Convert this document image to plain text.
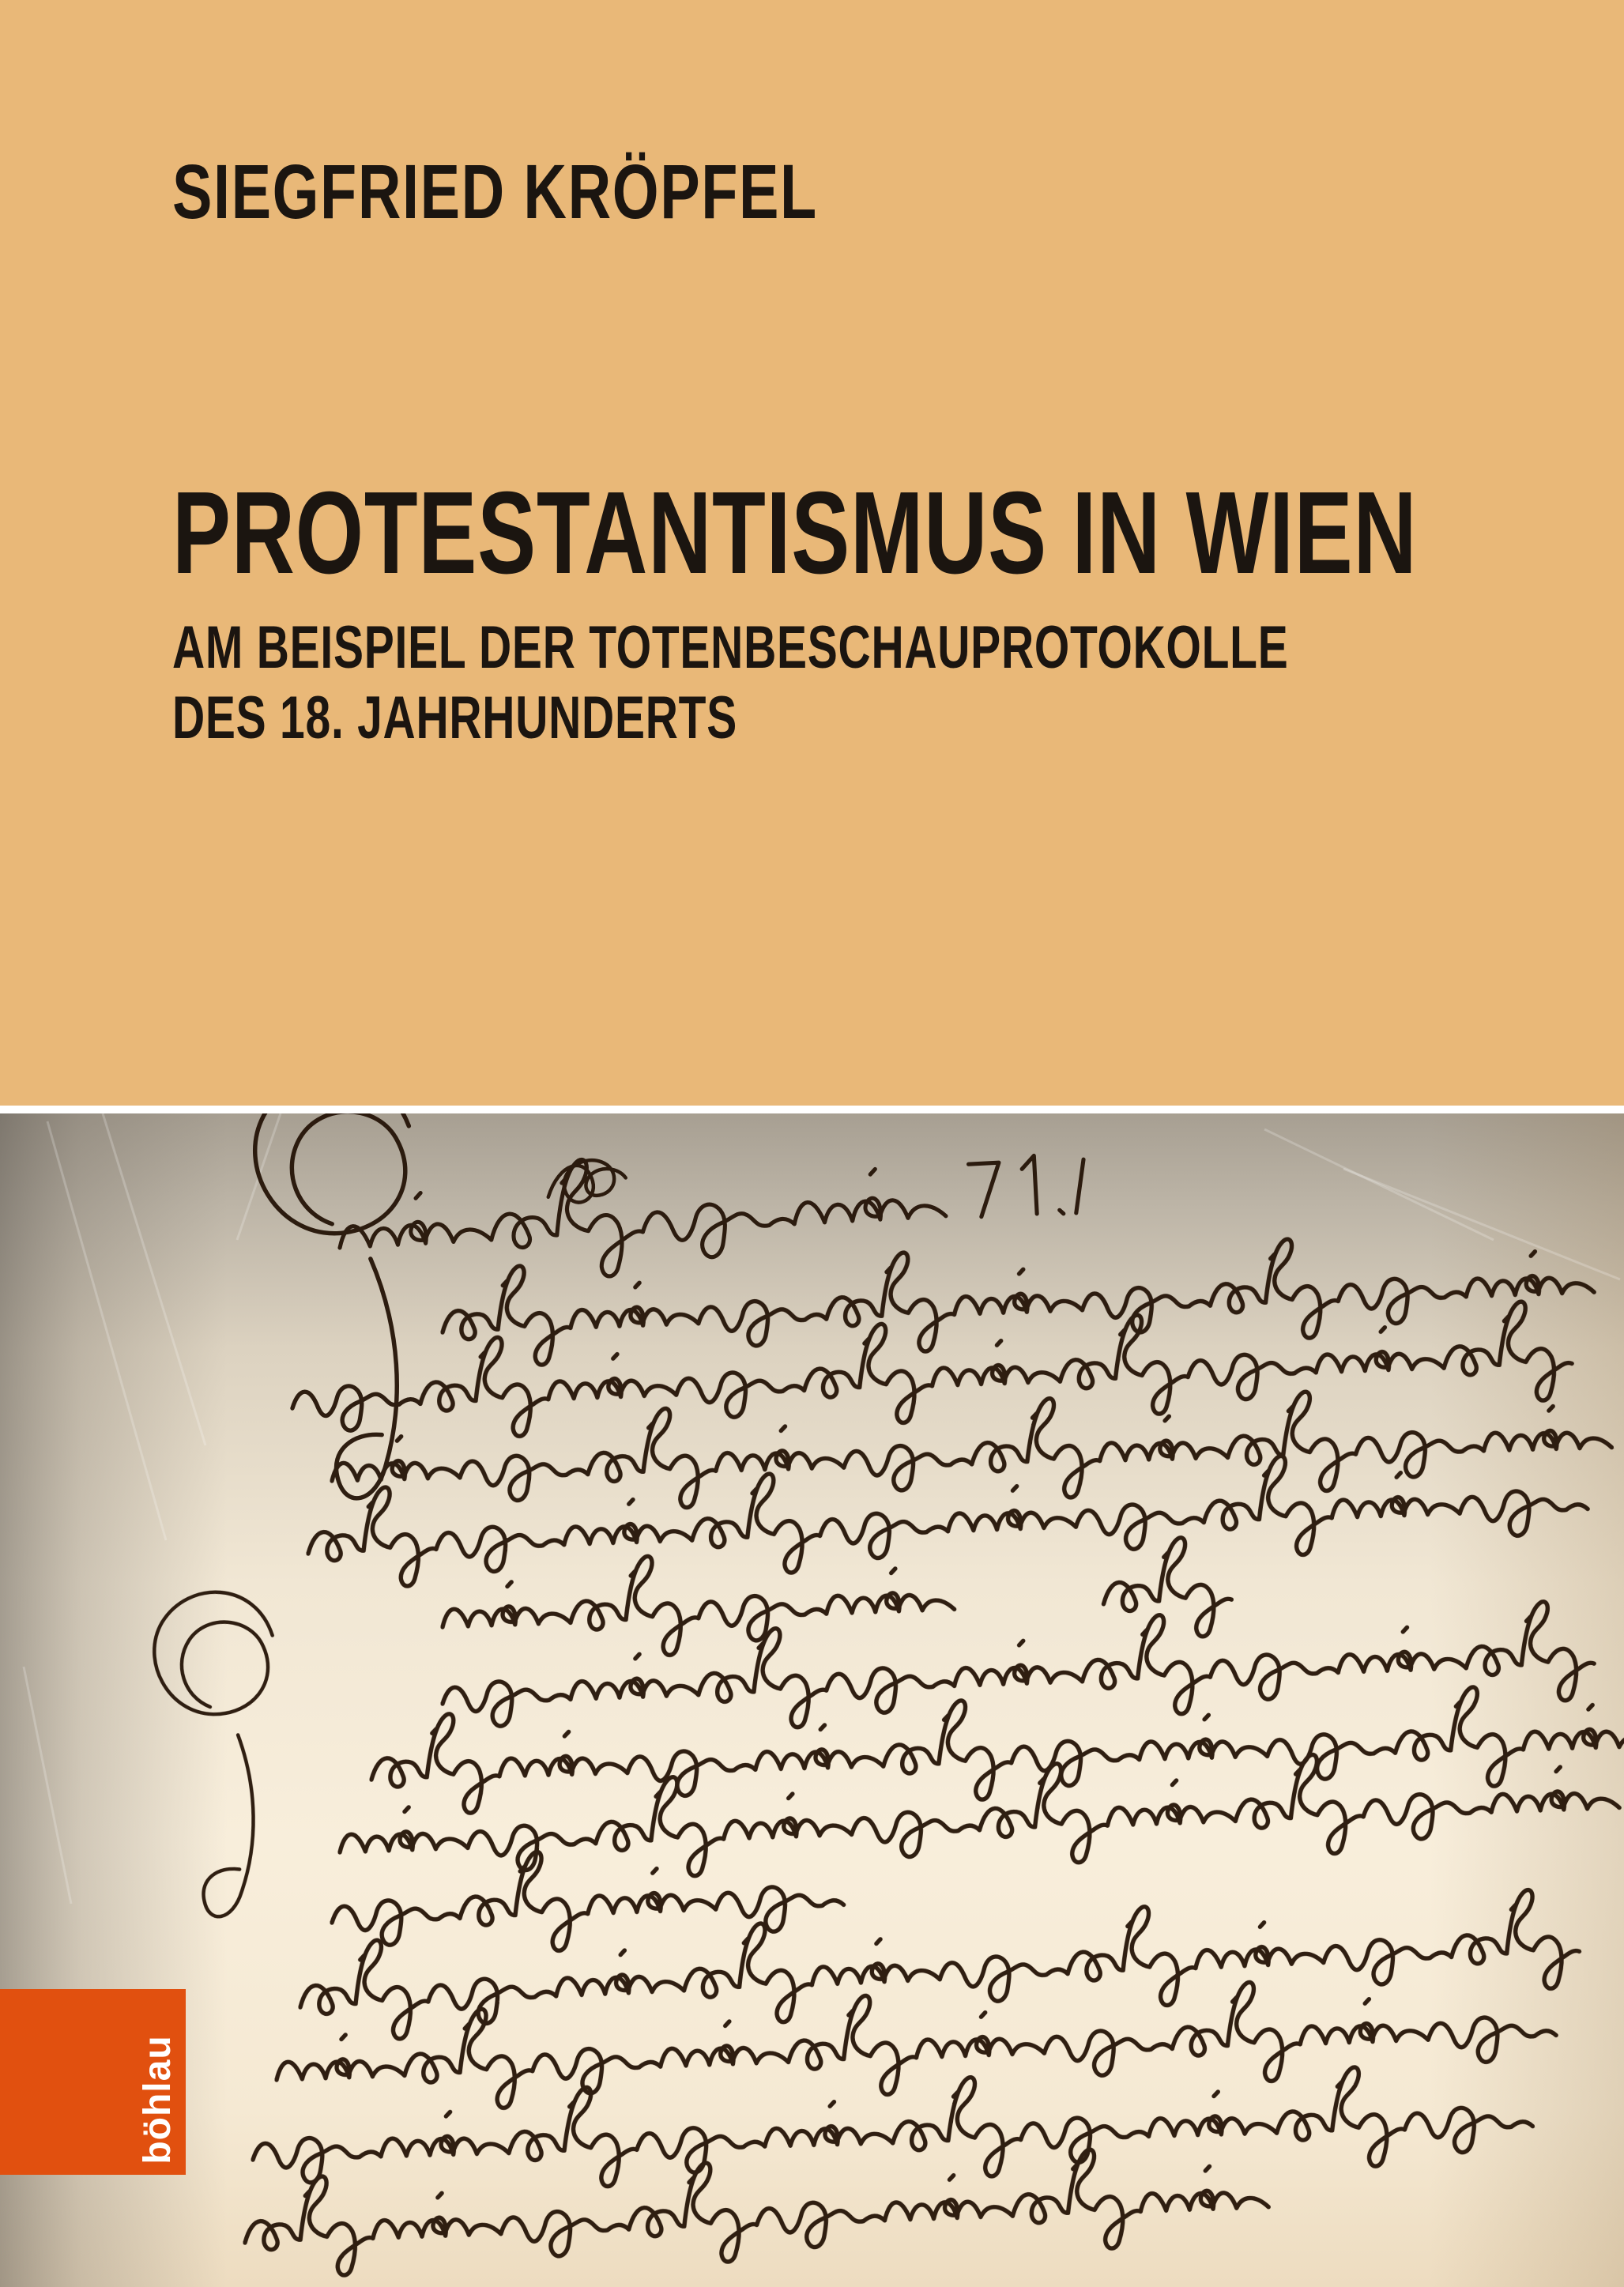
SIEGFRIED KRÖPFEL
PROTESTANTISMUS IN WIEN
AM BEISPIEL DER TOTENBESCHAUPROTOKOLLE
DES 18. JAHRHUNDERTS
böhlau
